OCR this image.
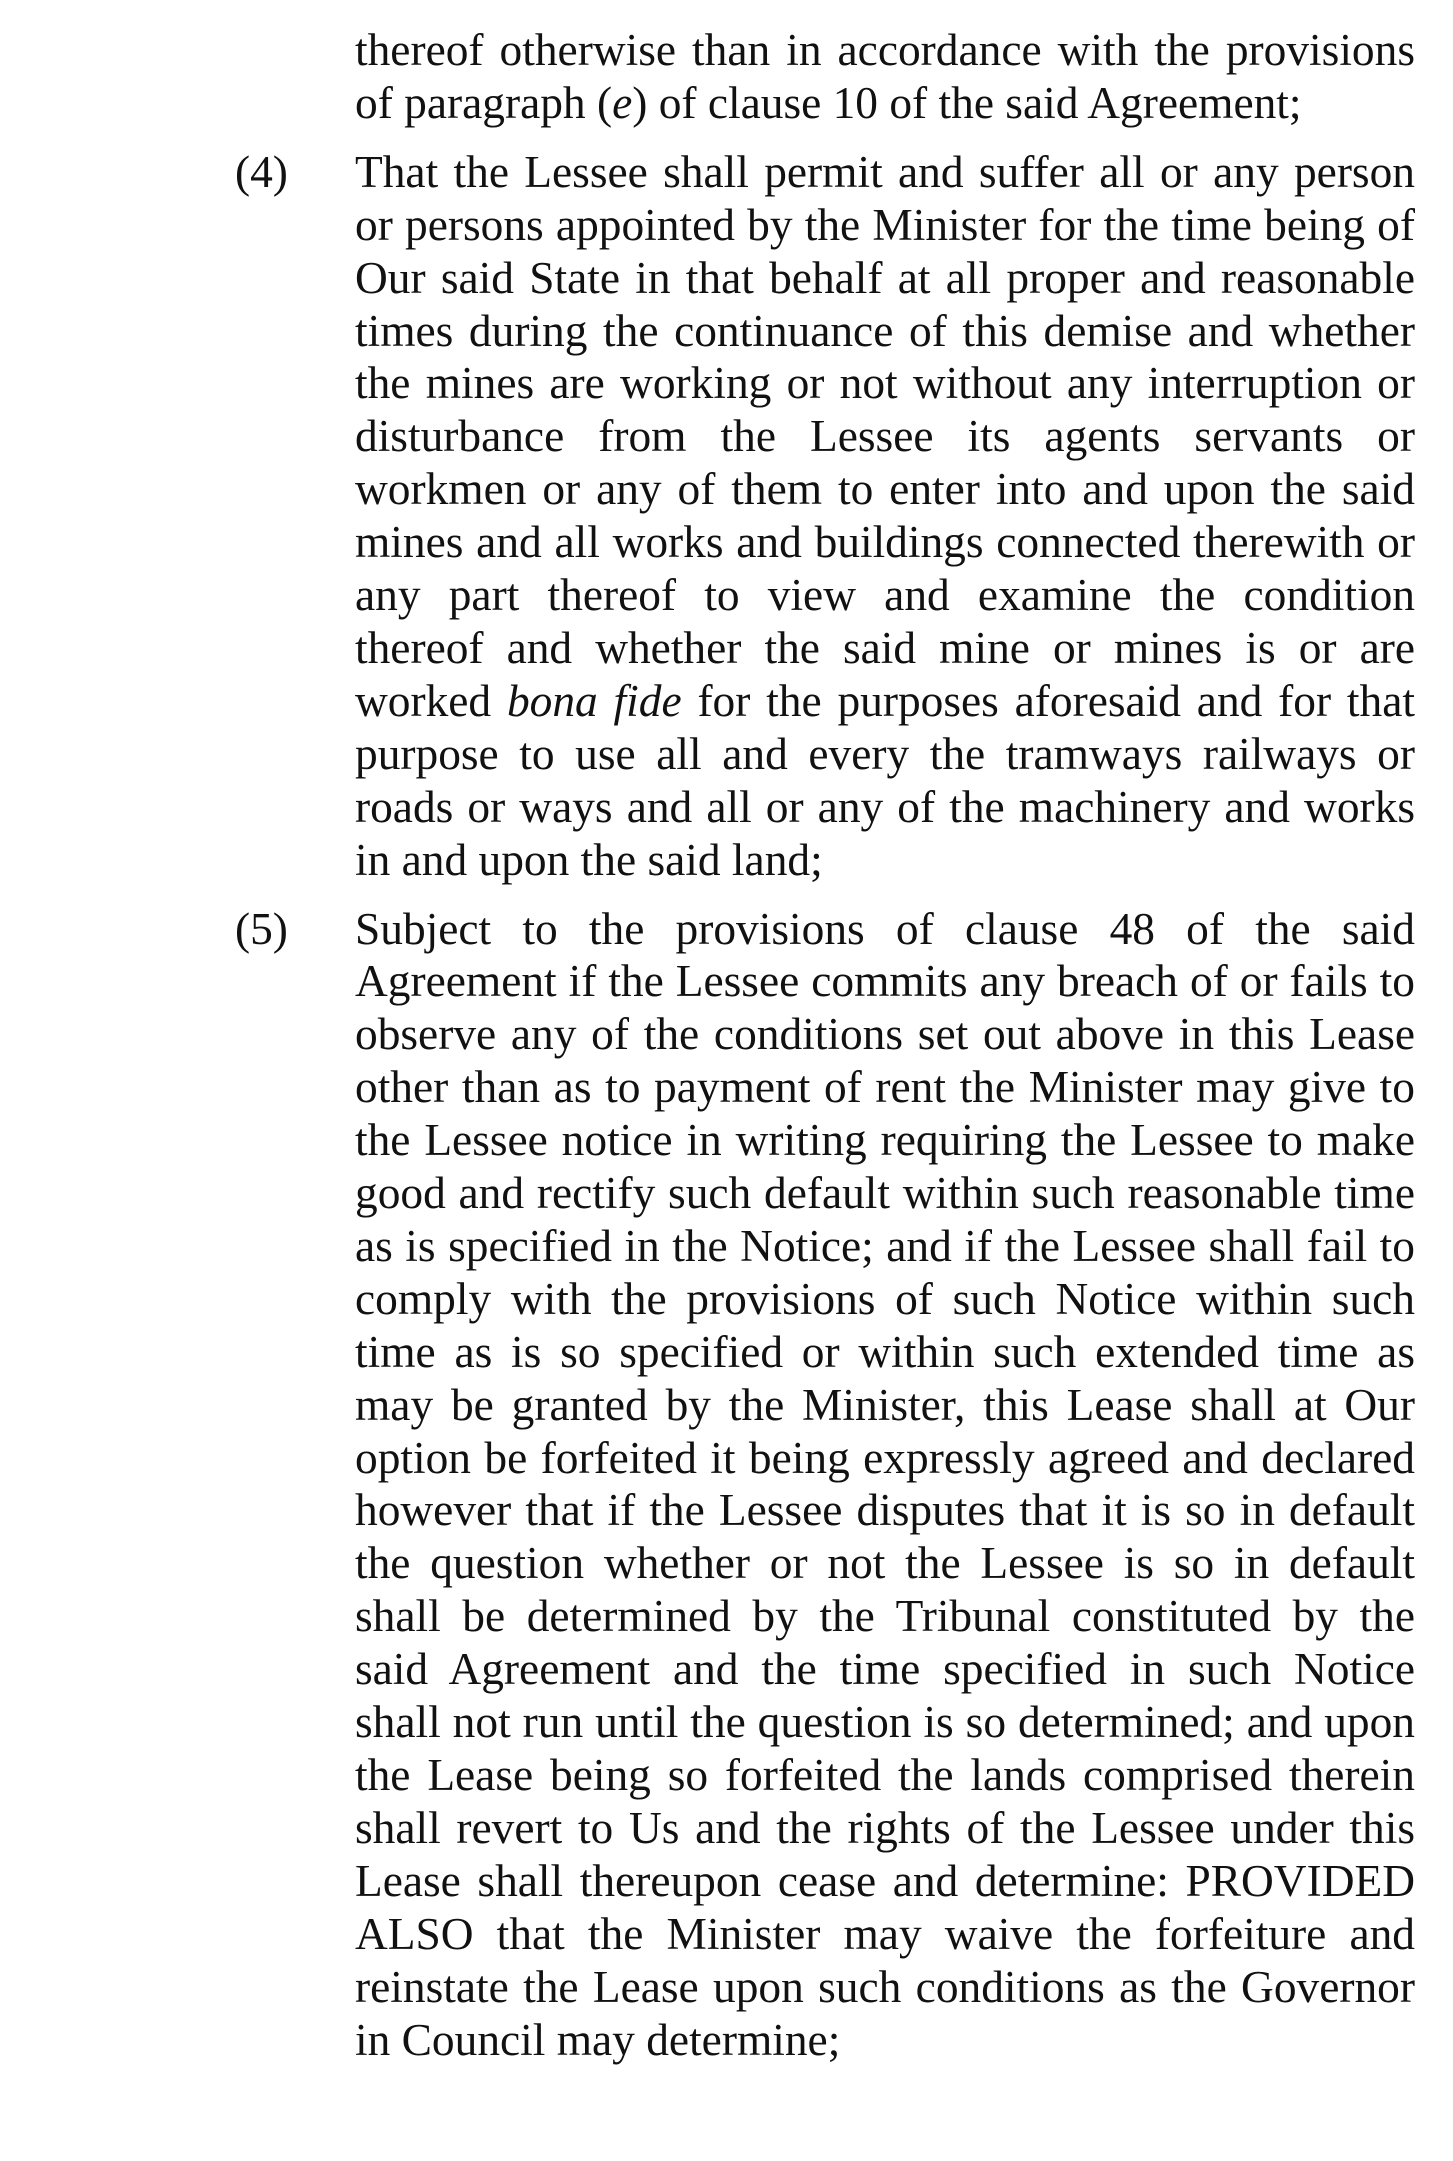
thereof otherwise than in accordance with the provisions of paragraph (e) of clause 10 of the said Agreement;

(4)	That the Lessee shall permit and suffer all or any person or persons appointed by the Minister for the time being of Our said State in that behalf at all proper and reasonable times during the continuance of this demise and whether the mines are working or not without any interruption or disturbance from the Lessee its agents servants or workmen or any of them to enter into and upon the said mines and all works and buildings connected therewith or any part thereof to view and examine the condition thereof and whether the said mine or mines is or are worked bona fide for the purposes aforesaid and for that purpose to use all and every the tramways railways or roads or ways and all or any of the machinery and works in and upon the said land;

(5)	Subject to the provisions of clause 48 of the said Agreement if the Lessee commits any breach of or fails to observe any of the conditions set out above in this Lease other than as to payment of rent the Minister may give to the Lessee notice in writing requiring the Lessee to make good and rectify such default within such reasonable time as is specified in the Notice; and if the Lessee shall fail to comply with the provisions of such Notice within such time as is so specified or within such extended time as may be granted by the Minister, this Lease shall at Our option be forfeited it being expressly agreed and declared however that if the Lessee disputes that it is so in default the question whether or not the Lessee is so in default shall be determined by the Tribunal constituted by the said Agreement and the time specified in such Notice shall not run until the question is so determined; and upon the Lease being so forfeited the lands comprised therein shall revert to Us and the rights of the Lessee under this Lease shall thereupon cease and determine: PROVIDED ALSO that the Minister may waive the forfeiture and reinstate the Lease upon such conditions as the Governor in Council may determine;
